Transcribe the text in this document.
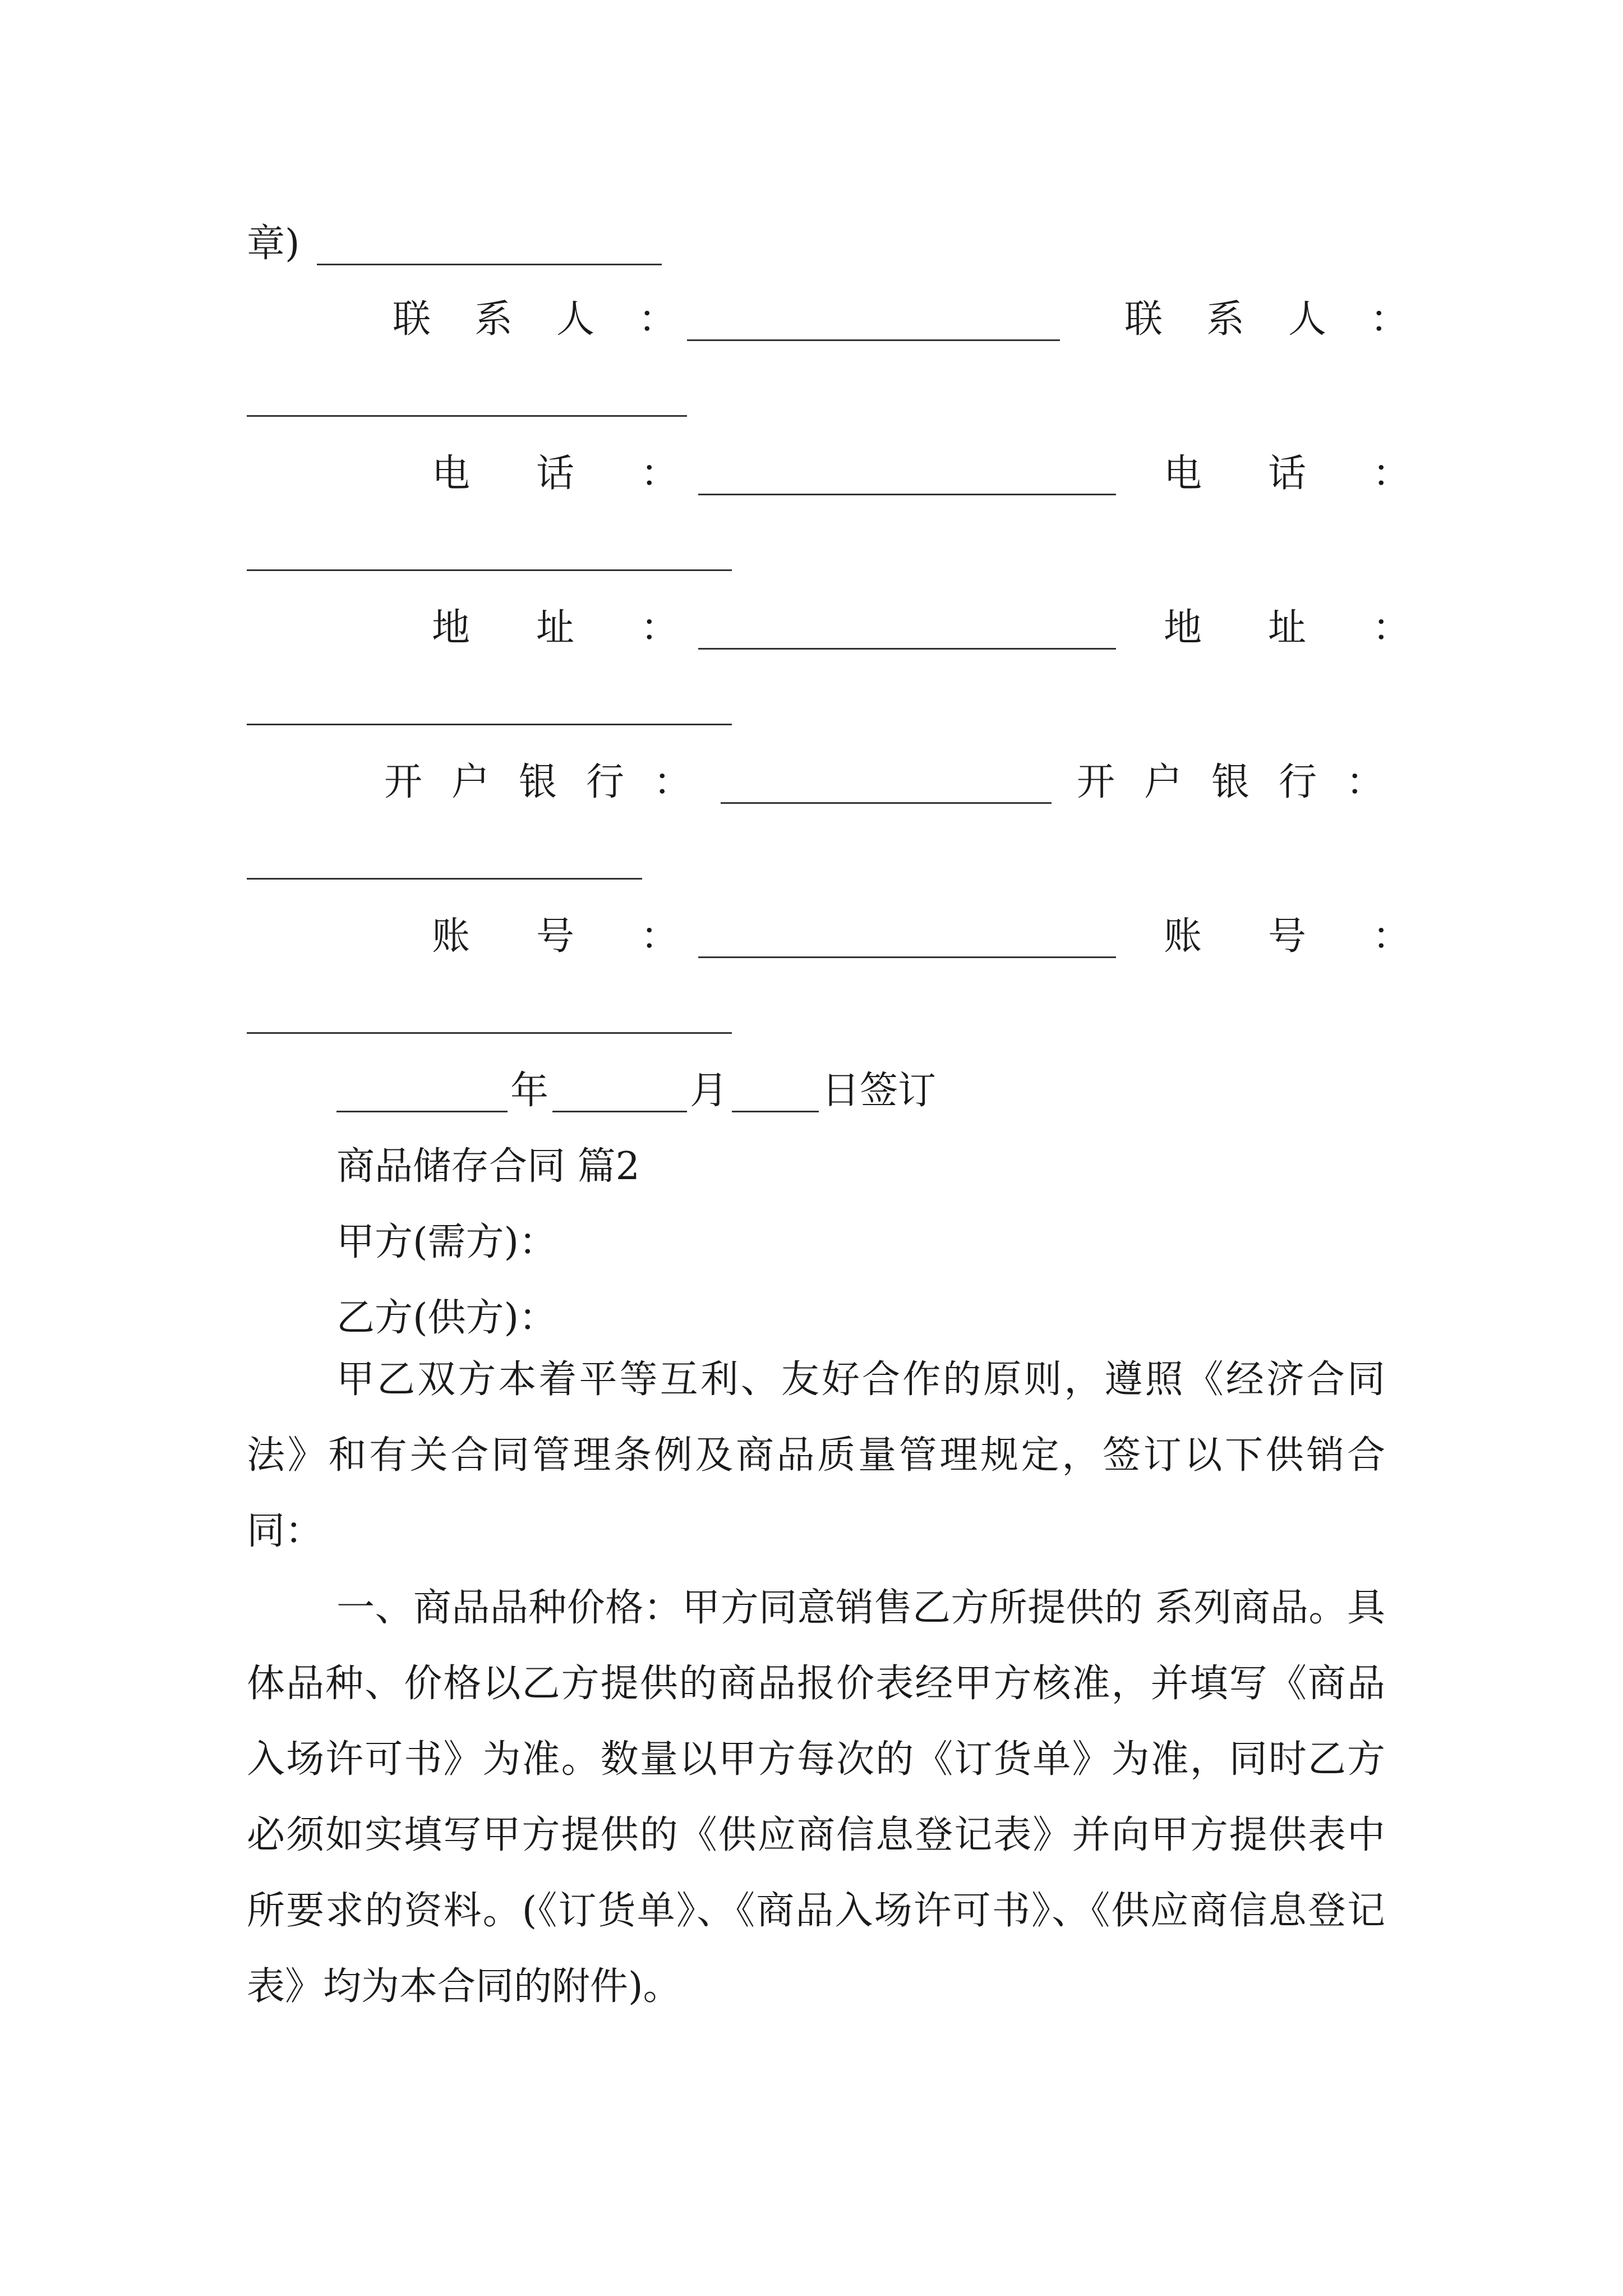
章)
联系人：	联系人：
电话：	电话：
地址：	地址：
开户银行：	开户银行：
账号：	账号：
年	月 日签订
商品储存合同 篇2
甲方(需方)：
乙方(供方)：

甲乙双方本着平等互利、友好合作的原则，遵照《经济合同法》和有关合同管理条例及商品质量管理规定，签订以下供销合同：

一、商品品种价格：甲方同意销售乙方所提供的 系列商品。具体品种、价格以乙方提供的商品报价表经甲方核准，并填写《商品入场许可书》为准。数量以甲方每次的《订货单》为准，同时乙方必须如实填写甲方提供的《供应商信息登记表》并向甲方提供表中所要求的资料。(《订货单》、《商品入场许可书》、《供应商信息登记表》均为本合同的附件)。
